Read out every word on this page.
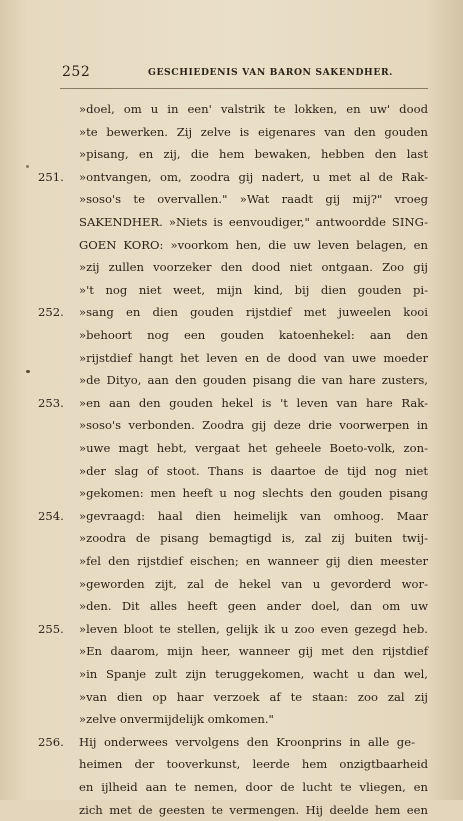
252	GESCHIEDENIS VAN BARON SAKENDHER.
»doel, om u in een' valstrik te lokken, en uw' dood
»te bewerken. Zij zelve is eigenares van den gouden
»pisang, en zij, die hem bewaken, hebben den last
»ontvangen, om, zoodra gij nadert, u met al de Rak-
»soso's te overvallen." »Wat raadt gij mij?" vroeg
SAKENDHER. »Niets is eenvoudiger," antwoordde SING-
GOEN KORO: »voorkom hen, die uw leven belagen, en
»zij zullen voorzeker den dood niet ontgaan. Zoo gij
»'t nog niet weet, mijn kind, bij dien gouden pi-
»sang en dien gouden rijstdief met juweelen kooi
»behoort nog een gouden katoenhekel: aan den
»rijstdief hangt het leven en de dood van uwe moeder
»de Dityo, aan den gouden pisang die van hare zusters,
»en aan den gouden hekel is 't leven van hare Rak-
»soso's verbonden. Zoodra gij deze drie voorwerpen in
»uwe magt hebt, vergaat het geheele Boeto-volk, zon-
»der slag of stoot. Thans is daartoe de tijd nog niet
»gekomen: men heeft u nog slechts den gouden pisang
»gevraagd: haal dien heimelijk van omhoog. Maar
»zoodra de pisang bemagtigd is, zal zij buiten twij-
»fel den rijstdief eischen; en wanneer gij dien meester
»geworden zijt, zal de hekel van u gevorderd wor-
»den. Dit alles heeft geen ander doel, dan om uw
»leven bloot te stellen, gelijk ik u zoo even gezegd heb.
»En daarom, mijn heer, wanneer gij met den rijstdief
»in Spanje zult zijn teruggekomen, wacht u dan wel,
»van dien op haar verzoek af te staan: zoo zal zij
»zelve onvermijdelijk omkomen."
Hij onderwees vervolgens den Kroonprins in alle ge-
heimen der tooverkunst, leerde hem onzigtbaarheid
en ijlheid aan te nemen, door de lucht te vliegen, en
zich met de geesten te vermengen. Hij deelde hem een
251.
252.
253.
254.
255.
256.
